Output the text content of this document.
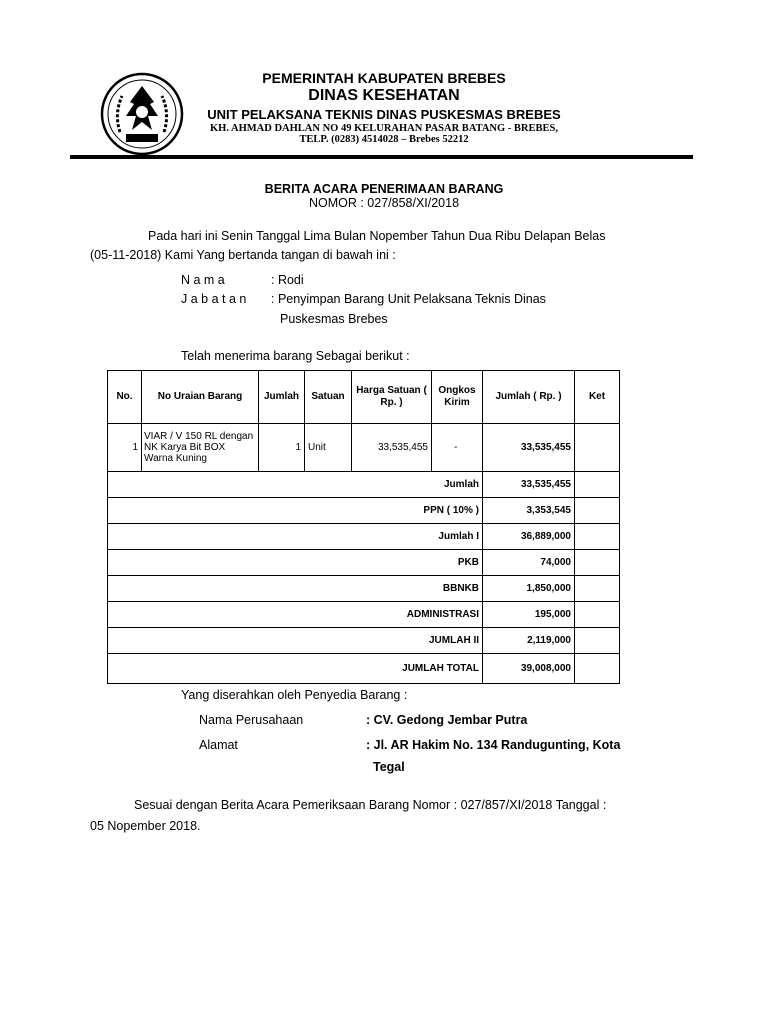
PEMERINTAH KABUPATEN BREBES
DINAS KESEHATAN
UNIT PELAKSANA TEKNIS DINAS PUSKESMAS BREBES
KH. AHMAD DAHLAN NO 49 KELURAHAN PASAR BATANG - BREBES,
TELP. (0283) 4514028 – Brebes 52212
BERITA ACARA PENERIMAAN BARANG
NOMOR : 027/858/XI/2018
Pada hari ini Senin Tanggal Lima Bulan Nopember Tahun Dua Ribu Delapan Belas
(05-11-2018) Kami Yang bertanda tangan di bawah ini :
N a m a	: Rodi
J a b a t a n : Penyimpan Barang Unit Pelaksana Teknis Dinas
Puskesmas Brebes
Telah menerima barang Sebagai berikut :
No.	No Uraian Barang	Jumlah	Satuan	Harga Satuan ( Rp. )	Ongkos Kirim	Jumlah ( Rp. )	Ket
1	VIAR / V 150 RL dengan NK Karya Bit BOX Warna Kuning	1	Unit	33,535,455	-	33,535,455	
Jumlah						33,535,455	
PPN ( 10% )						3,353,545	
Jumlah I						36,889,000	
PKB						74,000	
BBNKB						1,850,000	
ADMINISTRASI						195,000	
JUMLAH II						2,119,000	
JUMLAH TOTAL						39,008,000	
Yang diserahkan oleh Penyedia Barang :
Nama Perusahaan	: CV. Gedong Jembar Putra
Alamat	: Jl. AR Hakim No. 134 Randugunting, Kota
Tegal
Sesuai dengan Berita Acara Pemeriksaan Barang Nomor : 027/857/XI/2018 Tanggal :
05 Nopember 2018.
